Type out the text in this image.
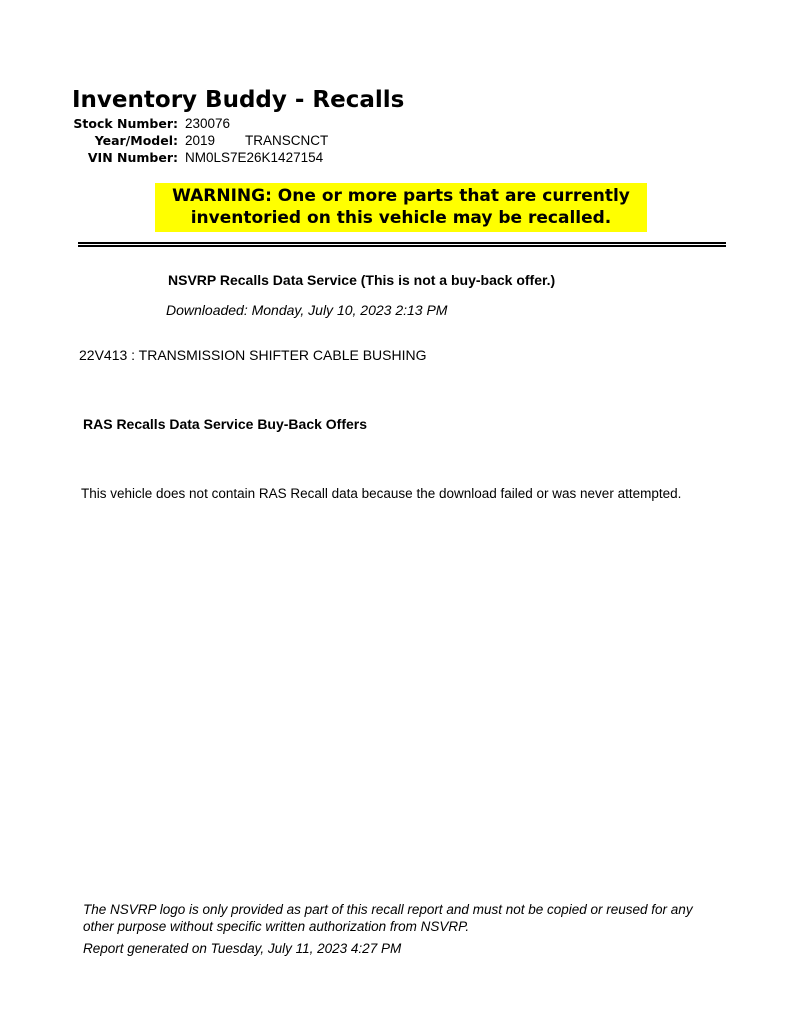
Inventory Buddy - Recalls
Stock Number: 230076
Year/Model: 2019 TRANSCNCT
VIN Number: NM0LS7E26K1427154
WARNING: One or more parts that are currently
inventoried on this vehicle may be recalled.
NSVRP Recalls Data Service (This is not a buy-back offer.)
Downloaded: Monday, July 10, 2023 2:13 PM
22V413 : TRANSMISSION SHIFTER CABLE BUSHING
RAS Recalls Data Service Buy-Back Offers
This vehicle does not contain RAS Recall data because the download failed or was never attempted.
The NSVRP logo is only provided as part of this recall report and must not be copied or reused for any other purpose without specific written authorization from NSVRP.
Report generated on Tuesday, July 11, 2023 4:27 PM
